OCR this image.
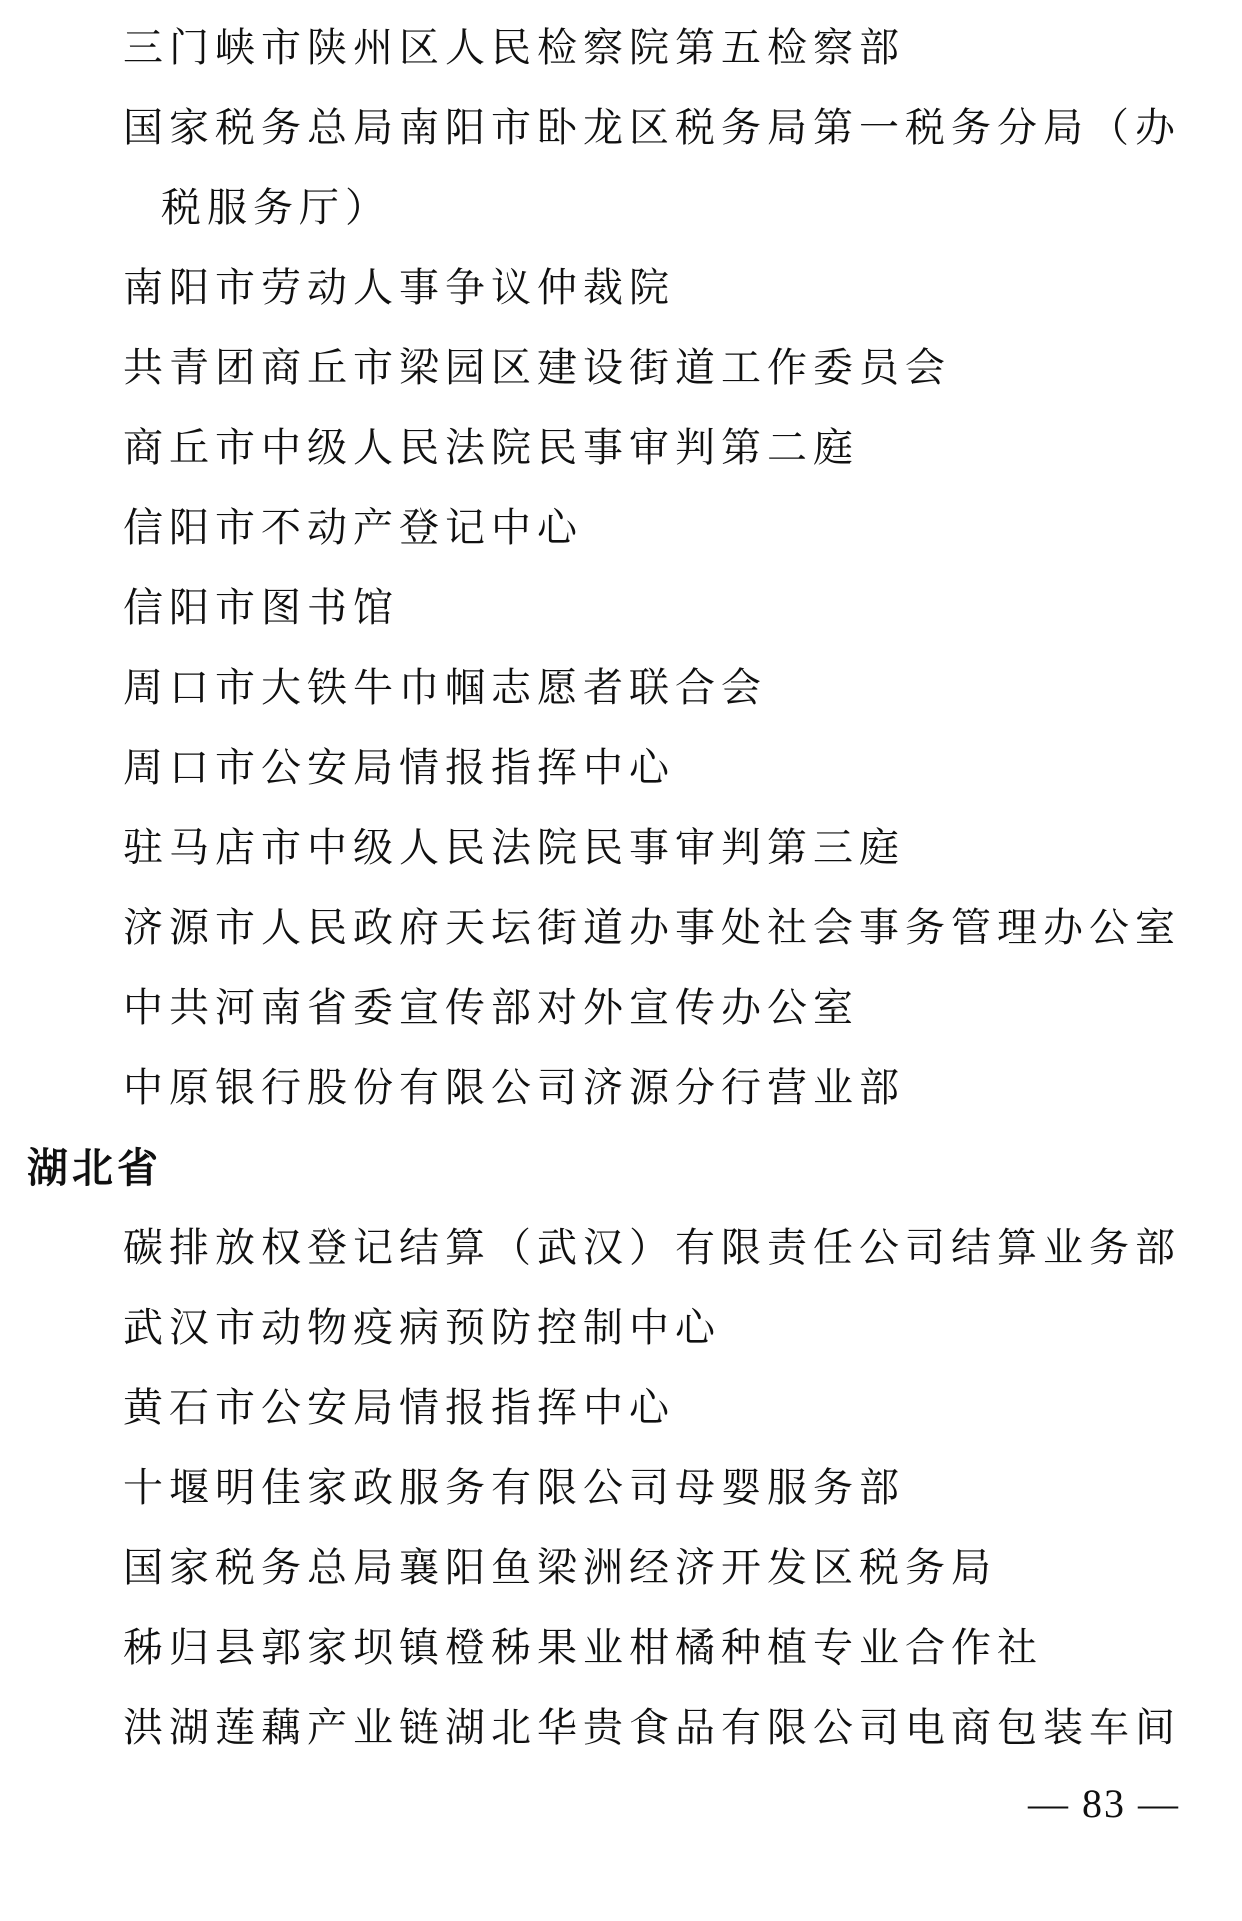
三门峡市陕州区人民检察院第五检察部
国家税务总局南阳市卧龙区税务局第一税务分局（办
税服务厅）
南阳市劳动人事争议仲裁院
共青团商丘市梁园区建设街道工作委员会
商丘市中级人民法院民事审判第二庭
信阳市不动产登记中心
信阳市图书馆
周口市大铁牛巾帼志愿者联合会
周口市公安局情报指挥中心
驻马店市中级人民法院民事审判第三庭
济源市人民政府天坛街道办事处社会事务管理办公室
中共河南省委宣传部对外宣传办公室
中原银行股份有限公司济源分行营业部
湖北省
碳排放权登记结算（武汉）有限责任公司结算业务部
武汉市动物疫病预防控制中心
黄石市公安局情报指挥中心
十堰明佳家政服务有限公司母婴服务部
国家税务总局襄阳鱼梁洲经济开发区税务局
秭归县郭家坝镇橙秭果业柑橘种植专业合作社
洪湖莲藕产业链湖北华贵食品有限公司电商包装车间
— 83 —
